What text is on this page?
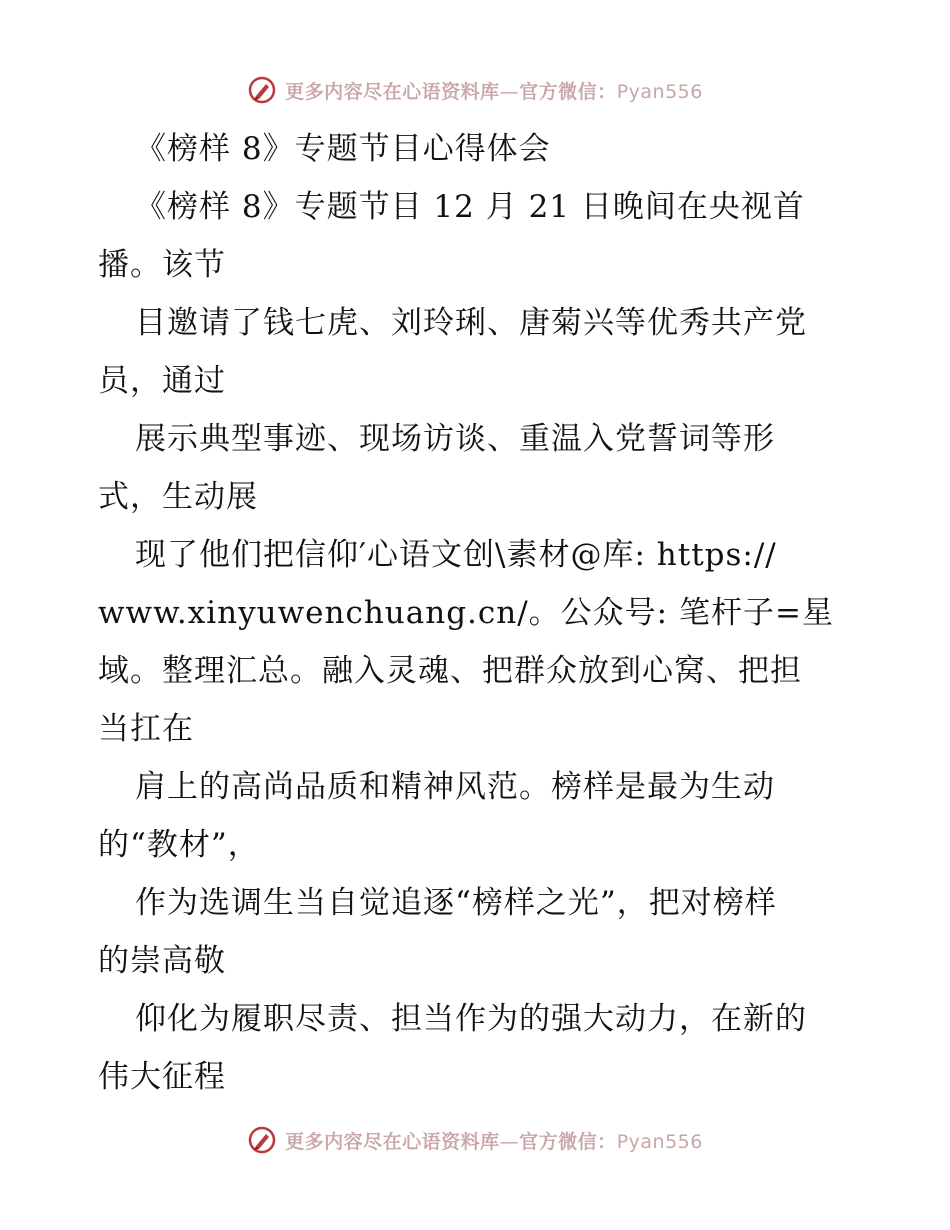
更多内容尽在心语资料库—官方微信：Pyan556
《榜样 8》专题节目心得体会
《榜样 8》专题节目 12 月 21 日晚间在央视首
播。该节
目邀请了钱七虎、刘玲琍、唐菊兴等优秀共产党
员，通过
展示典型事迹、现场访谈、重温入党誓词等形
式，生动展
现了他们把信仰′心语文创\素材@库: https://
www.xinyuwenchuang.cn/。公众号: 笔杆子=星
域。整理汇总。融入灵魂、把群众放到心窝、把担
当扛在
肩上的高尚品质和精神风范。榜样是最为生动
的“教材”，
作为选调生当自觉追逐“榜样之光”，把对榜样
的崇高敬
仰化为履职尽责、担当作为的强大动力，在新的
伟大征程
更多内容尽在心语资料库—官方微信：Pyan556
